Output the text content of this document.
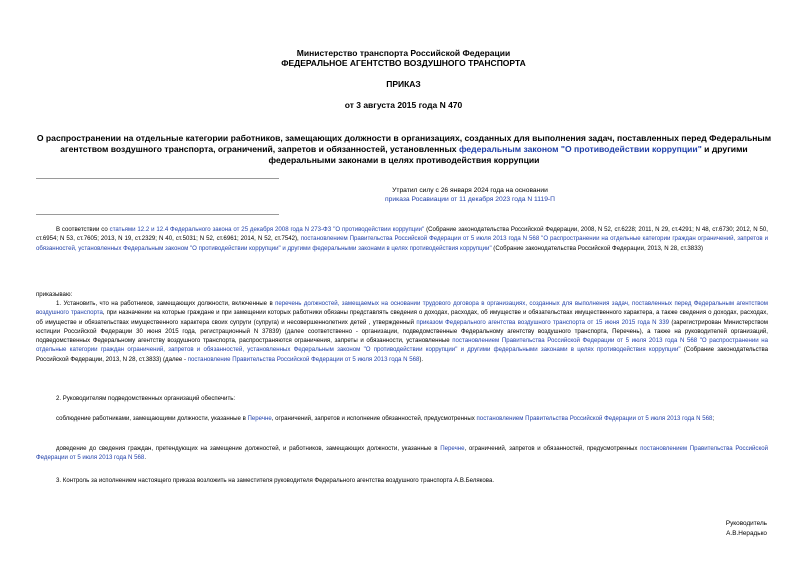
Министерство транспорта Российской Федерации
ФЕДЕРАЛЬНОЕ АГЕНТСТВО ВОЗДУШНОГО ТРАНСПОРТА
ПРИКАЗ
от 3 августа 2015 года N 470
О распространении на отдельные категории работников, замещающих должности в организациях, созданных для выполнения задач, поставленных перед Федеральным агентством воздушного транспорта, ограничений, запретов и обязанностей, установленных федеральным законом "О противодействии коррупции" и другими федеральными законами в целях противодействия коррупции
Утратил силу с 26 января 2024 года на основании
приказа Росавиации от 11 декабря 2023 года N 1119-П
В соответствии со статьями 12.2 и 12.4 Федерального закона от 25 декабря 2008 года N 273-ФЗ "О противодействии коррупции" (Собрание законодательства Российской Федерации, 2008, N 52, ст.6228; 2011, N 29, ст.4291; N 48, ст.6730; 2012, N 50, ст.6954; N 53, ст.7605; 2013, N 19, ст.2329; N 40, ст.5031; N 52, ст.6961; 2014, N 52, ст.7542), постановлением Правительства Российской Федерации от 5 июля 2013 года N 568 "О распространении на отдельные категории граждан ограничений, запретов и обязанностей, установленных Федеральным законом "О противодействии коррупции" и другими федеральными законами в целях противодействия коррупции" (Собрание законодательства Российской Федерации, 2013, N 28, ст.3833)
приказываю:
1. Установить, что на работников, замещающих должности, включенные в перечень должностей, замещаемых на основании трудового договора в организациях, созданных для выполнения задач, поставленных перед Федеральным агентством воздушного транспорта, при назначении на которые граждане и при замещении которых работники обязаны представлять сведения о доходах, расходах, об имуществе и обязательствах имущественного характера, а также сведения о доходах, расходах, об имуществе и обязательствах имущественного характера своих супруги (супруга) и несовершеннолетних детей , утвержденный приказом Федерального агентства воздушного транспорта от 15 июня 2015 года N 339 (зарегистрирован Министерством юстиции Российской Федерации 30 июня 2015 года, регистрационный N 37839) (далее соответственно - организации, подведомственные Федеральному агентству воздушного транспорта, Перечень), а также на руководителей организаций, подведомственных Федеральному агентству воздушного транспорта, распространяются ограничения, запреты и обязанности, установленные постановлением Правительства Российской Федерации от 5 июля 2013 года N 568 "О распространении на отдельные категории граждан ограничений, запретов и обязанностей, установленных Федеральным законом "О противодействии коррупции" и другими федеральными законами в целях противодействия коррупции" (Собрание законодательства Российской Федерации, 2013, N 28, ст.3833) (далее - постановление Правительства Российской Федерации от 5 июля 2013 года N 568).
2. Руководителям подведомственных организаций обеспечить:
соблюдение работниками, замещающими должности, указанные в Перечне, ограничений, запретов и исполнение обязанностей, предусмотренных постановлением Правительства Российской Федерации от 5 июля 2013 года N 568;
доведение до сведения граждан, претендующих на замещение должностей, и работников, замещающих должности, указанные в Перечне, ограничений, запретов и обязанностей, предусмотренных постановлением Правительства Российской Федерации от 5 июля 2013 года N 568.
3. Контроль за исполнением настоящего приказа возложить на заместителя руководителя Федерального агентства воздушного транспорта А.В.Белякова.
Руководитель
А.В.Нерадько
